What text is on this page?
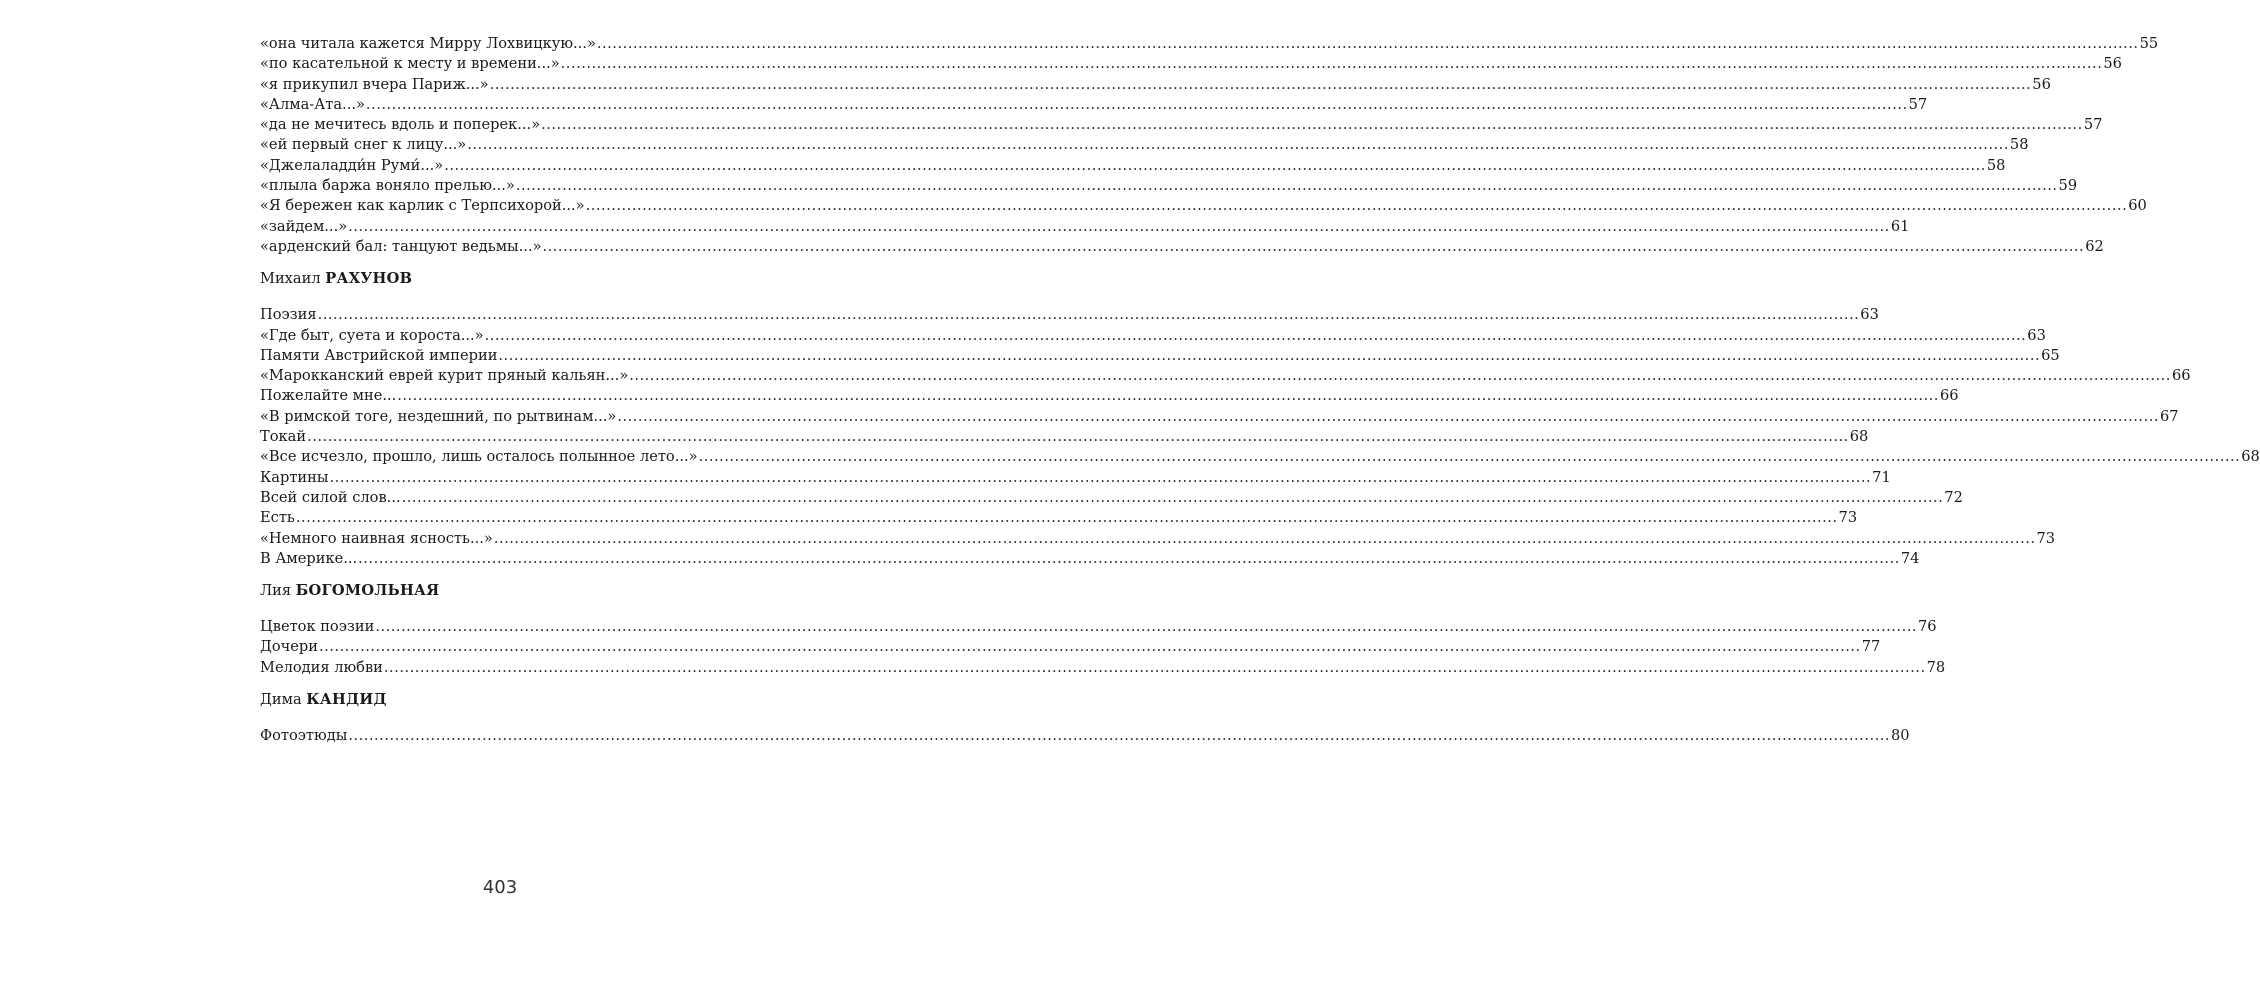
«она читала кажется Мирру Лохвицкую...» ............................................................................................................................................................................................................................................................................................................ 55
«по касательной к месту и времени...» ............................................................................................................................................................................................................................................................................................................ 56
«я прикупил вчера Париж...» ............................................................................................................................................................................................................................................................................................................ 56
«Алма-Ата...» ............................................................................................................................................................................................................................................................................................................ 57
«да не мечитесь вдоль и поперек...» ............................................................................................................................................................................................................................................................................................................ 57
«ей первый снег к лицу...» ............................................................................................................................................................................................................................................................................................................ 58
«Джелаладди́н Руми́...» ............................................................................................................................................................................................................................................................................................................ 58
«плыла баржа воняло прелью...» ............................................................................................................................................................................................................................................................................................................ 59
«Я бережен как карлик с Терпсихорой...» ............................................................................................................................................................................................................................................................................................................ 60
«зайдем...» ............................................................................................................................................................................................................................................................................................................ 61
«арденский бал: танцуют ведьмы...» ............................................................................................................................................................................................................................................................................................................ 62
Михаил РАХУНОВ
Поэзия ............................................................................................................................................................................................................................................................................................................ 63
«Где быт, суета и короста...» ............................................................................................................................................................................................................................................................................................................ 63
Памяти Австрийской империи ............................................................................................................................................................................................................................................................................................................ 65
«Марокканский еврей курит пряный кальян...» ............................................................................................................................................................................................................................................................................................................ 66
Пожелайте мне... ............................................................................................................................................................................................................................................................................................................ 66
«В римской тоге, нездешний, по рытвинам...» ............................................................................................................................................................................................................................................................................................................ 67
Токай ............................................................................................................................................................................................................................................................................................................ 68
«Все исчезло, прошло, лишь осталось полынное лето...» ............................................................................................................................................................................................................................................................................................................ 68
Картины ............................................................................................................................................................................................................................................................................................................ 71
Всей силой слов... ............................................................................................................................................................................................................................................................................................................ 72
Есть ............................................................................................................................................................................................................................................................................................................ 73
«Немного наивная ясность...» ............................................................................................................................................................................................................................................................................................................ 73
В Америке... ............................................................................................................................................................................................................................................................................................................ 74
Лия БОГОМОЛЬНАЯ
Цветок поэзии ............................................................................................................................................................................................................................................................................................................ 76
Дочери ............................................................................................................................................................................................................................................................................................................ 77
Мелодия любви ............................................................................................................................................................................................................................................................................................................ 78
Дима КАНДИД
Фотоэтюды ............................................................................................................................................................................................................................................................................................................ 80
403
